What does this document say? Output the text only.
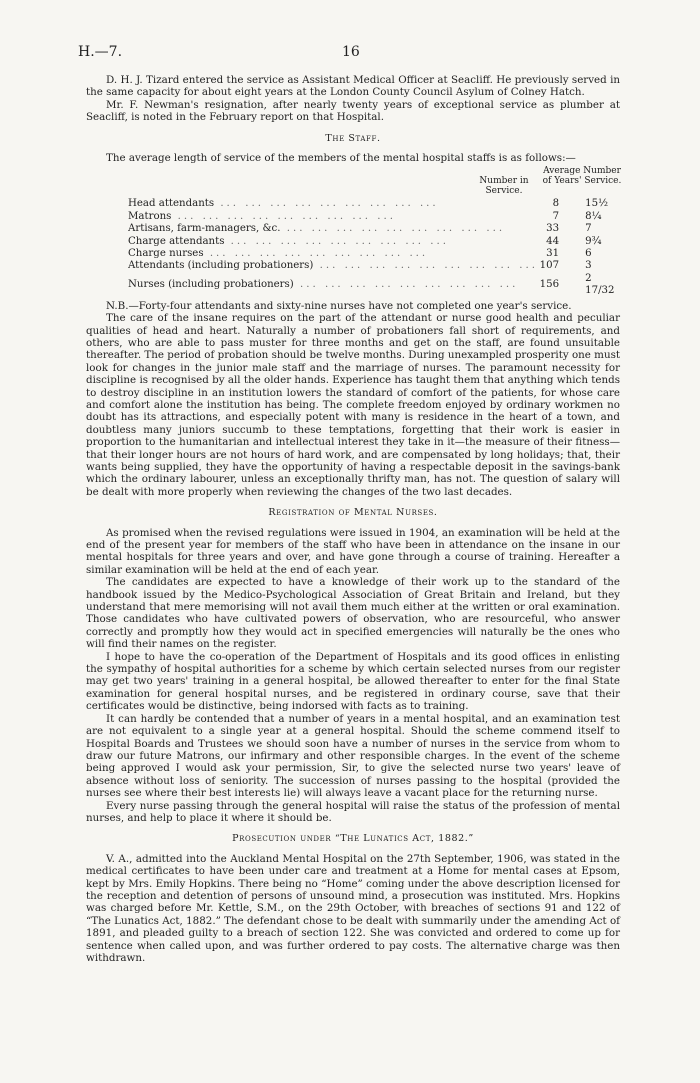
H.—7.	16

D. H. J. Tizard entered the service as Assistant Medical Officer at Seacliff. He previously served in the same capacity for about eight years at the London County Council Asylum of Colney Hatch.

Mr. F. Newman's resignation, after nearly twenty years of exceptional service as plumber at Seacliff, is noted in the February report on that Hospital.

The Staff.

The average length of service of the members of the mental hospital staffs is as follows:—

Number in Service.
Average Number of Years' Service.
Head attendants ... ... ... ... ... ... ... ... ...	8	15½
Matrons ... ... ... ... ... ... ... ... ...	7	8¼
Artisans, farm-managers, &c. ... ... ... ... ... ... ... ... ...	33	7
Charge attendants ... ... ... ... ... ... ... ... ...	44	9¾
Charge nurses ... ... ... ... ... ... ... ... ...	31	6
Attendants (including probationers) ... ... ... ... ... ... ... ... ...	107	3
Nurses (including probationers) ... ... ... ... ... ... ... ... ...	156	2 17/32

N.B.—Forty-four attendants and sixty-nine nurses have not completed one year's service.

The care of the insane requires on the part of the attendant or nurse good health and peculiar qualities of head and heart. Naturally a number of probationers fall short of requirements, and others, who are able to pass muster for three months and get on the staff, are found unsuitable thereafter. The period of probation should be twelve months. During unexampled prosperity one must look for changes in the junior male staff and the marriage of nurses. The paramount necessity for discipline is recognised by all the older hands. Experience has taught them that anything which tends to destroy discipline in an institution lowers the standard of comfort of the patients, for whose care and comfort alone the institution has being. The complete freedom enjoyed by ordinary workmen no doubt has its attractions, and especially potent with many is residence in the heart of a town, and doubtless many juniors succumb to these temptations, forgetting that their work is easier in proportion to the humanitarian and intellectual interest they take in it—the measure of their fitness—that their longer hours are not hours of hard work, and are compensated by long holidays; that, their wants being supplied, they have the opportunity of having a respectable deposit in the savings-bank which the ordinary labourer, unless an exceptionally thrifty man, has not. The question of salary will be dealt with more properly when reviewing the changes of the two last decades.

Registration of Mental Nurses.

As promised when the revised regulations were issued in 1904, an examination will be held at the end of the present year for members of the staff who have been in attendance on the insane in our mental hospitals for three years and over, and have gone through a course of training. Hereafter a similar examination will be held at the end of each year.

The candidates are expected to have a knowledge of their work up to the standard of the handbook issued by the Medico-Psychological Association of Great Britain and Ireland, but they understand that mere memorising will not avail them much either at the written or oral examination. Those candidates who have cultivated powers of observation, who are resourceful, who answer correctly and promptly how they would act in specified emergencies will naturally be the ones who will find their names on the register.

I hope to have the co-operation of the Department of Hospitals and its good offices in enlisting the sympathy of hospital authorities for a scheme by which certain selected nurses from our register may get two years' training in a general hospital, be allowed thereafter to enter for the final State examination for general hospital nurses, and be registered in ordinary course, save that their certificates would be distinctive, being indorsed with facts as to training.

It can hardly be contended that a number of years in a mental hospital, and an examination test are not equivalent to a single year at a general hospital. Should the scheme commend itself to Hospital Boards and Trustees we should soon have a number of nurses in the service from whom to draw our future Matrons, our infirmary and other responsible charges. In the event of the scheme being approved I would ask your permission, Sir, to give the selected nurse two years' leave of absence without loss of seniority. The succession of nurses passing to the hospital (provided the nurses see where their best interests lie) will always leave a vacant place for the returning nurse.

Every nurse passing through the general hospital will raise the status of the profession of mental nurses, and help to place it where it should be.

Prosecution under “The Lunatics Act, 1882.”

V. A., admitted into the Auckland Mental Hospital on the 27th September, 1906, was stated in the medical certificates to have been under care and treatment at a Home for mental cases at Epsom, kept by Mrs. Emily Hopkins. There being no “Home” coming under the above description licensed for the reception and detention of persons of unsound mind, a prosecution was instituted. Mrs. Hopkins was charged before Mr. Kettle, S.M., on the 29th October, with breaches of sections 91 and 122 of “The Lunatics Act, 1882.” The defendant chose to be dealt with summarily under the amending Act of 1891, and pleaded guilty to a breach of section 122. She was convicted and ordered to come up for sentence when called upon, and was further ordered to pay costs. The alternative charge was then withdrawn.
